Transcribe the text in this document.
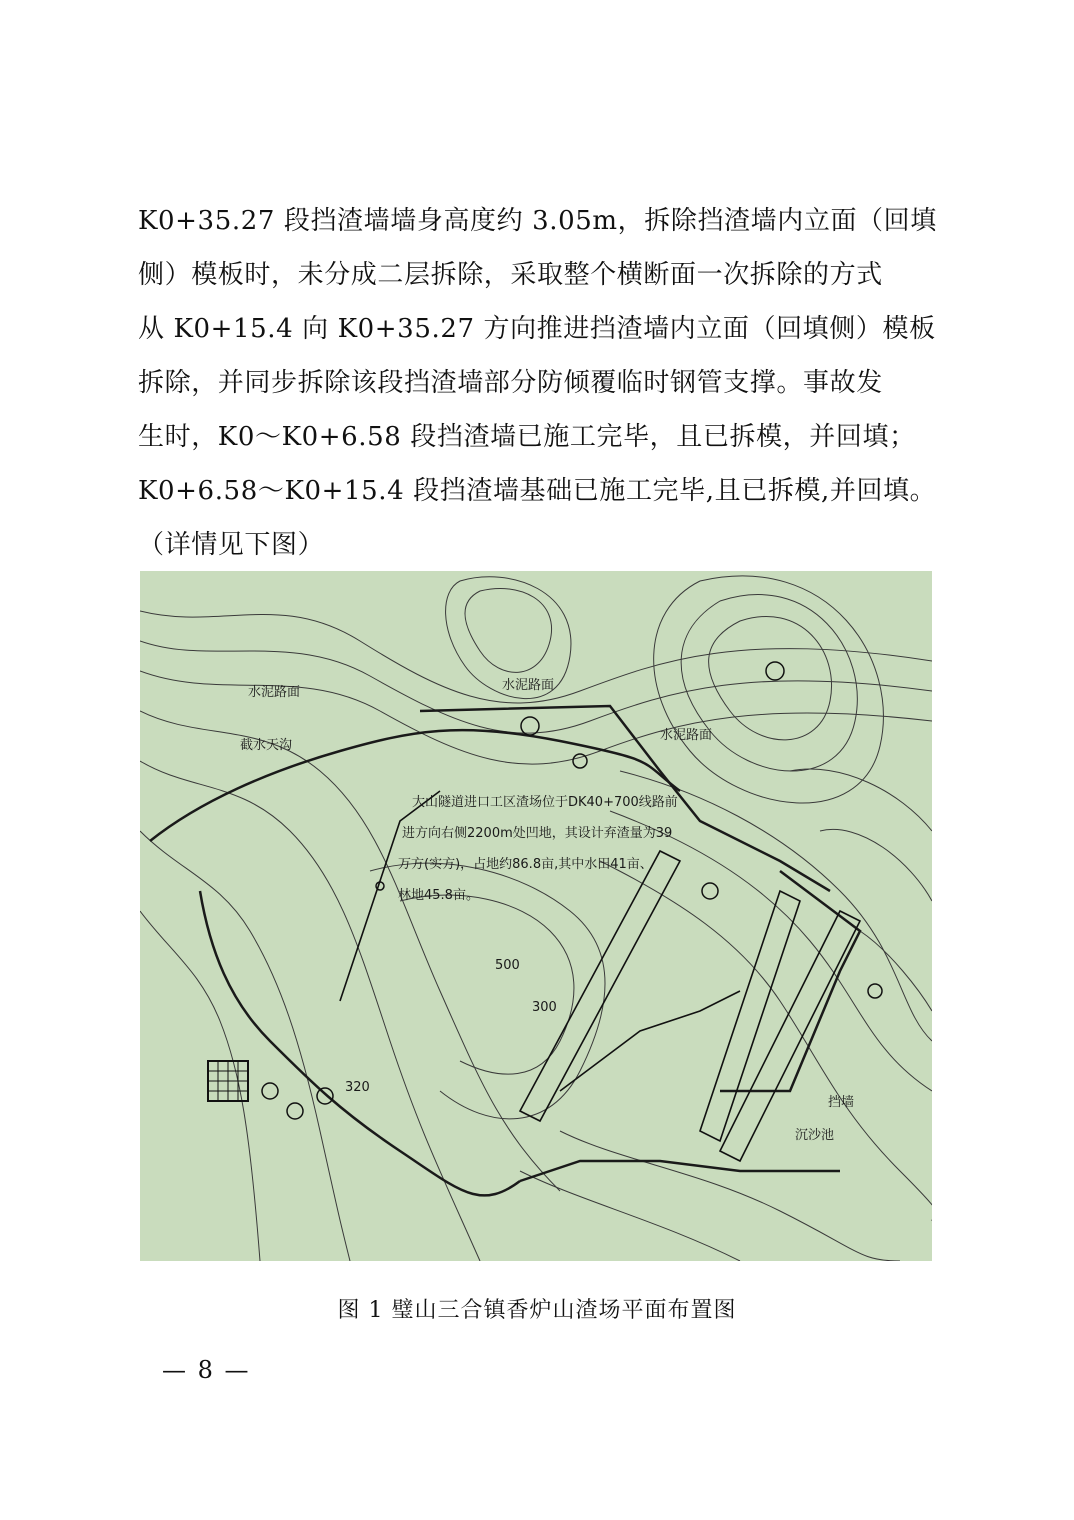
K0+35.27 段挡渣墙墙身高度约 3.05m，拆除挡渣墙内立面（回填
侧）模板时，未分成二层拆除，采取整个横断面一次拆除的方式
从 K0+15.4 向 K0+35.27 方向推进挡渣墙内立面（回填侧）模板
拆除，并同步拆除该段挡渣墙部分防倾覆临时钢管支撑。事故发
生时，K0～K0+6.58 段挡渣墙已施工完毕，且已拆模，并回填；
K0+6.58～K0+15.4 段挡渣墙基础已施工完毕,且已拆模,并回填。
（详情见下图）
大山隧道进口工区渣场位于DK40+700线路前
进方向右侧2200m处凹地，其设计弃渣量为39
万方(实方)，占地约86.8亩,其中水田41亩、
林地45.8亩。
截水天沟
水泥路面	水泥路面
水泥路面
沉沙池
挡墙
320
300
500
图 1 璧山三合镇香炉山渣场平面布置图
— 8 —
